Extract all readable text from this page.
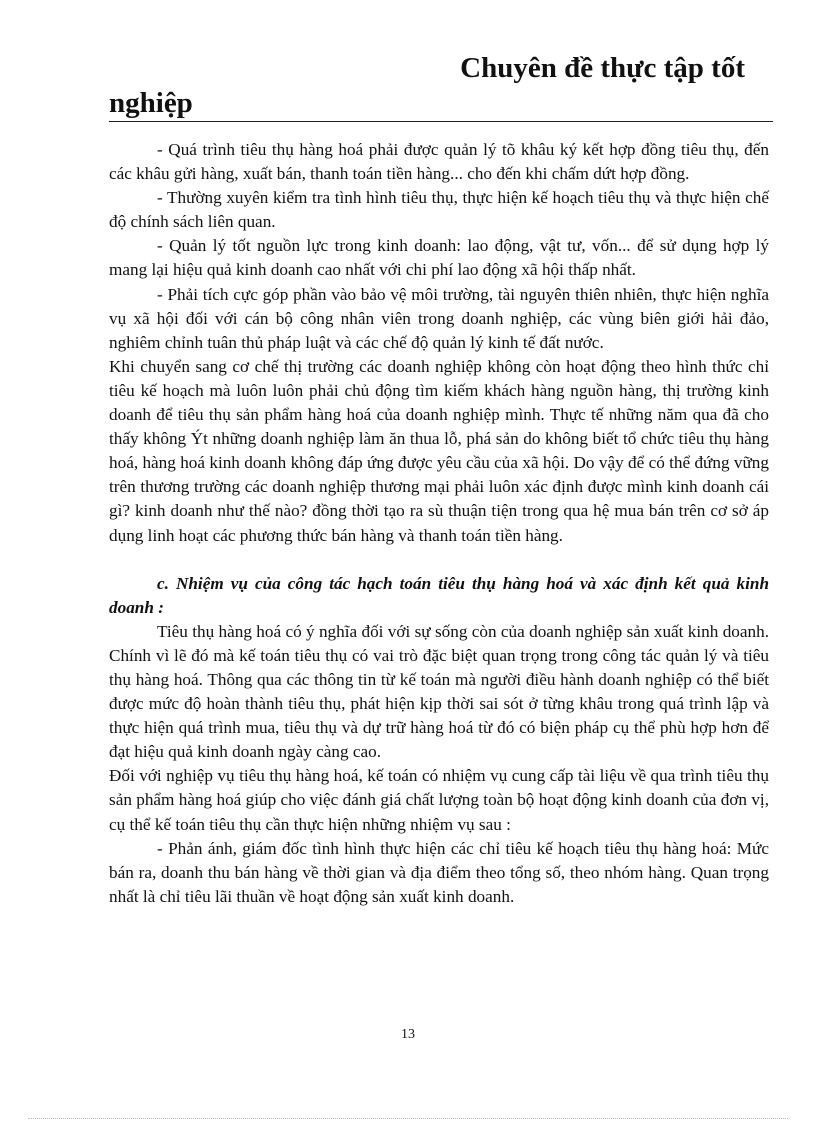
Chuyên đề thực tập tốt
nghiệp

- Quá trình tiêu thụ hàng hoá phải được quản lý tõ khâu ký kết hợp đồng tiêu thụ, đến các khâu gửi hàng, xuất bán, thanh toán tiền hàng... cho đến khi chấm dứt hợp đồng.

- Thường xuyên kiểm tra tình hình tiêu thụ, thực hiện kế hoạch tiêu thụ và thực hiện chế độ chính sách liên quan.

- Quản lý tốt nguồn lực trong kinh doanh: lao động, vật tư, vốn... để sử dụng hợp lý mang lại hiệu quả kinh doanh cao nhất với chi phí lao động xã hội thấp nhất.

- Phải tích cực góp phần vào bảo vệ môi trường, tài nguyên thiên nhiên, thực hiện nghĩa vụ xã hội đối với cán bộ công nhân viên trong doanh nghiệp, các vùng biên giới hải đảo, nghiêm chỉnh tuân thủ pháp luật và các chế độ quản lý kinh tế đất nước.

Khi chuyển sang cơ chế thị trường các doanh nghiệp không còn hoạt động theo hình thức chỉ tiêu kế hoạch mà luôn luôn phải chủ động tìm kiếm khách hàng nguồn hàng, thị trường kinh doanh để tiêu thụ sản phẩm hàng hoá của doanh nghiệp mình. Thực tế những năm qua đã cho thấy không Ýt những doanh nghiệp làm ăn thua lỗ, phá sản do không biết tổ chức tiêu thụ hàng hoá, hàng hoá kinh doanh không đáp ứng được yêu cầu của xã hội. Do vậy để có thể đứng vững trên thương trường các doanh nghiệp thương mại phải luôn xác định được mình kinh doanh cái gì? kinh doanh như thế nào? đồng thời tạo ra sù thuận tiện trong qua hệ mua bán trên cơ sở áp dụng linh hoạt các phương thức bán hàng và thanh toán tiền hàng.

c. Nhiệm vụ của công tác hạch toán tiêu thụ hàng hoá và xác định kết quả kinh doanh :

Tiêu thụ hàng hoá có ý nghĩa đối với sự sống còn của doanh nghiệp sản xuất kinh doanh. Chính vì lẽ đó mà kế toán tiêu thụ có vai trò đặc biệt quan trọng trong công tác quản lý và tiêu thụ hàng hoá. Thông qua các thông tin từ kế toán mà người điều hành doanh nghiệp có thể biết được mức độ hoàn thành tiêu thụ, phát hiện kịp thời sai sót ở từng khâu trong quá trình lập và thực hiện quá trình mua, tiêu thụ và dự trữ hàng hoá từ đó có biện pháp cụ thể phù hợp hơn để đạt hiệu quả kinh doanh ngày càng cao.

Đối với nghiệp vụ tiêu thụ hàng hoá, kế toán có nhiệm vụ cung cấp tài liệu về qua trình tiêu thụ sản phẩm hàng hoá giúp cho việc đánh giá chất lượng toàn bộ hoạt động kinh doanh của đơn vị, cụ thể kế toán tiêu thụ cần thực hiện những nhiệm vụ sau :

- Phản ánh, giám đốc tình hình thực hiện các chỉ tiêu kế hoạch tiêu thụ hàng hoá: Mức bán ra, doanh thu bán hàng về thời gian và địa điểm theo tổng số, theo nhóm hàng. Quan trọng nhất là chỉ tiêu lãi thuần về hoạt động sản xuất kinh doanh.

13
